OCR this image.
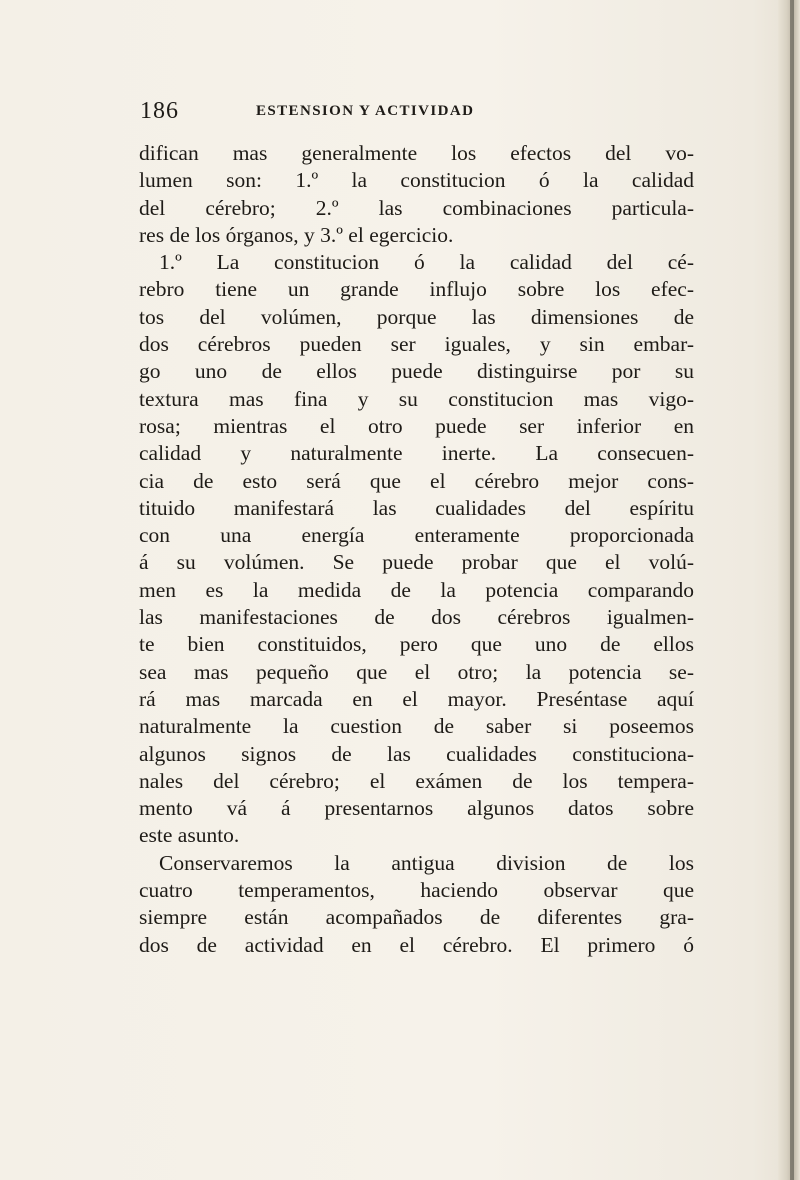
186	ESTENSION Y ACTIVIDAD
difican mas generalmente los efectos del vo-
lumen son: 1.º la constitucion ó la calidad
del cérebro; 2.º las combinaciones particula-
res de los órganos, y 3.º el egercicio.
1.º La constitucion ó la calidad del cé-
rebro tiene un grande influjo sobre los efec-
tos del volúmen, porque las dimensiones de
dos cérebros pueden ser iguales, y sin embar-
go uno de ellos puede distinguirse por su
textura mas fina y su constitucion mas vigo-
rosa; mientras el otro puede ser inferior en
calidad y naturalmente inerte. La consecuen-
cia de esto será que el cérebro mejor cons-
tituido manifestará las cualidades del espíritu
con una energía enteramente proporcionada
á su volúmen. Se puede probar que el volú-
men es la medida de la potencia comparando
las manifestaciones de dos cérebros igualmen-
te bien constituidos, pero que uno de ellos
sea mas pequeño que el otro; la potencia se-
rá mas marcada en el mayor. Preséntase aquí
naturalmente la cuestion de saber si poseemos
algunos signos de las cualidades constituciona-
nales del cérebro; el exámen de los tempera-
mento vá á presentarnos algunos datos sobre
este asunto.
Conservaremos la antigua division de los
cuatro temperamentos, haciendo observar que
siempre están acompañados de diferentes gra-
dos de actividad en el cérebro. El primero ó
